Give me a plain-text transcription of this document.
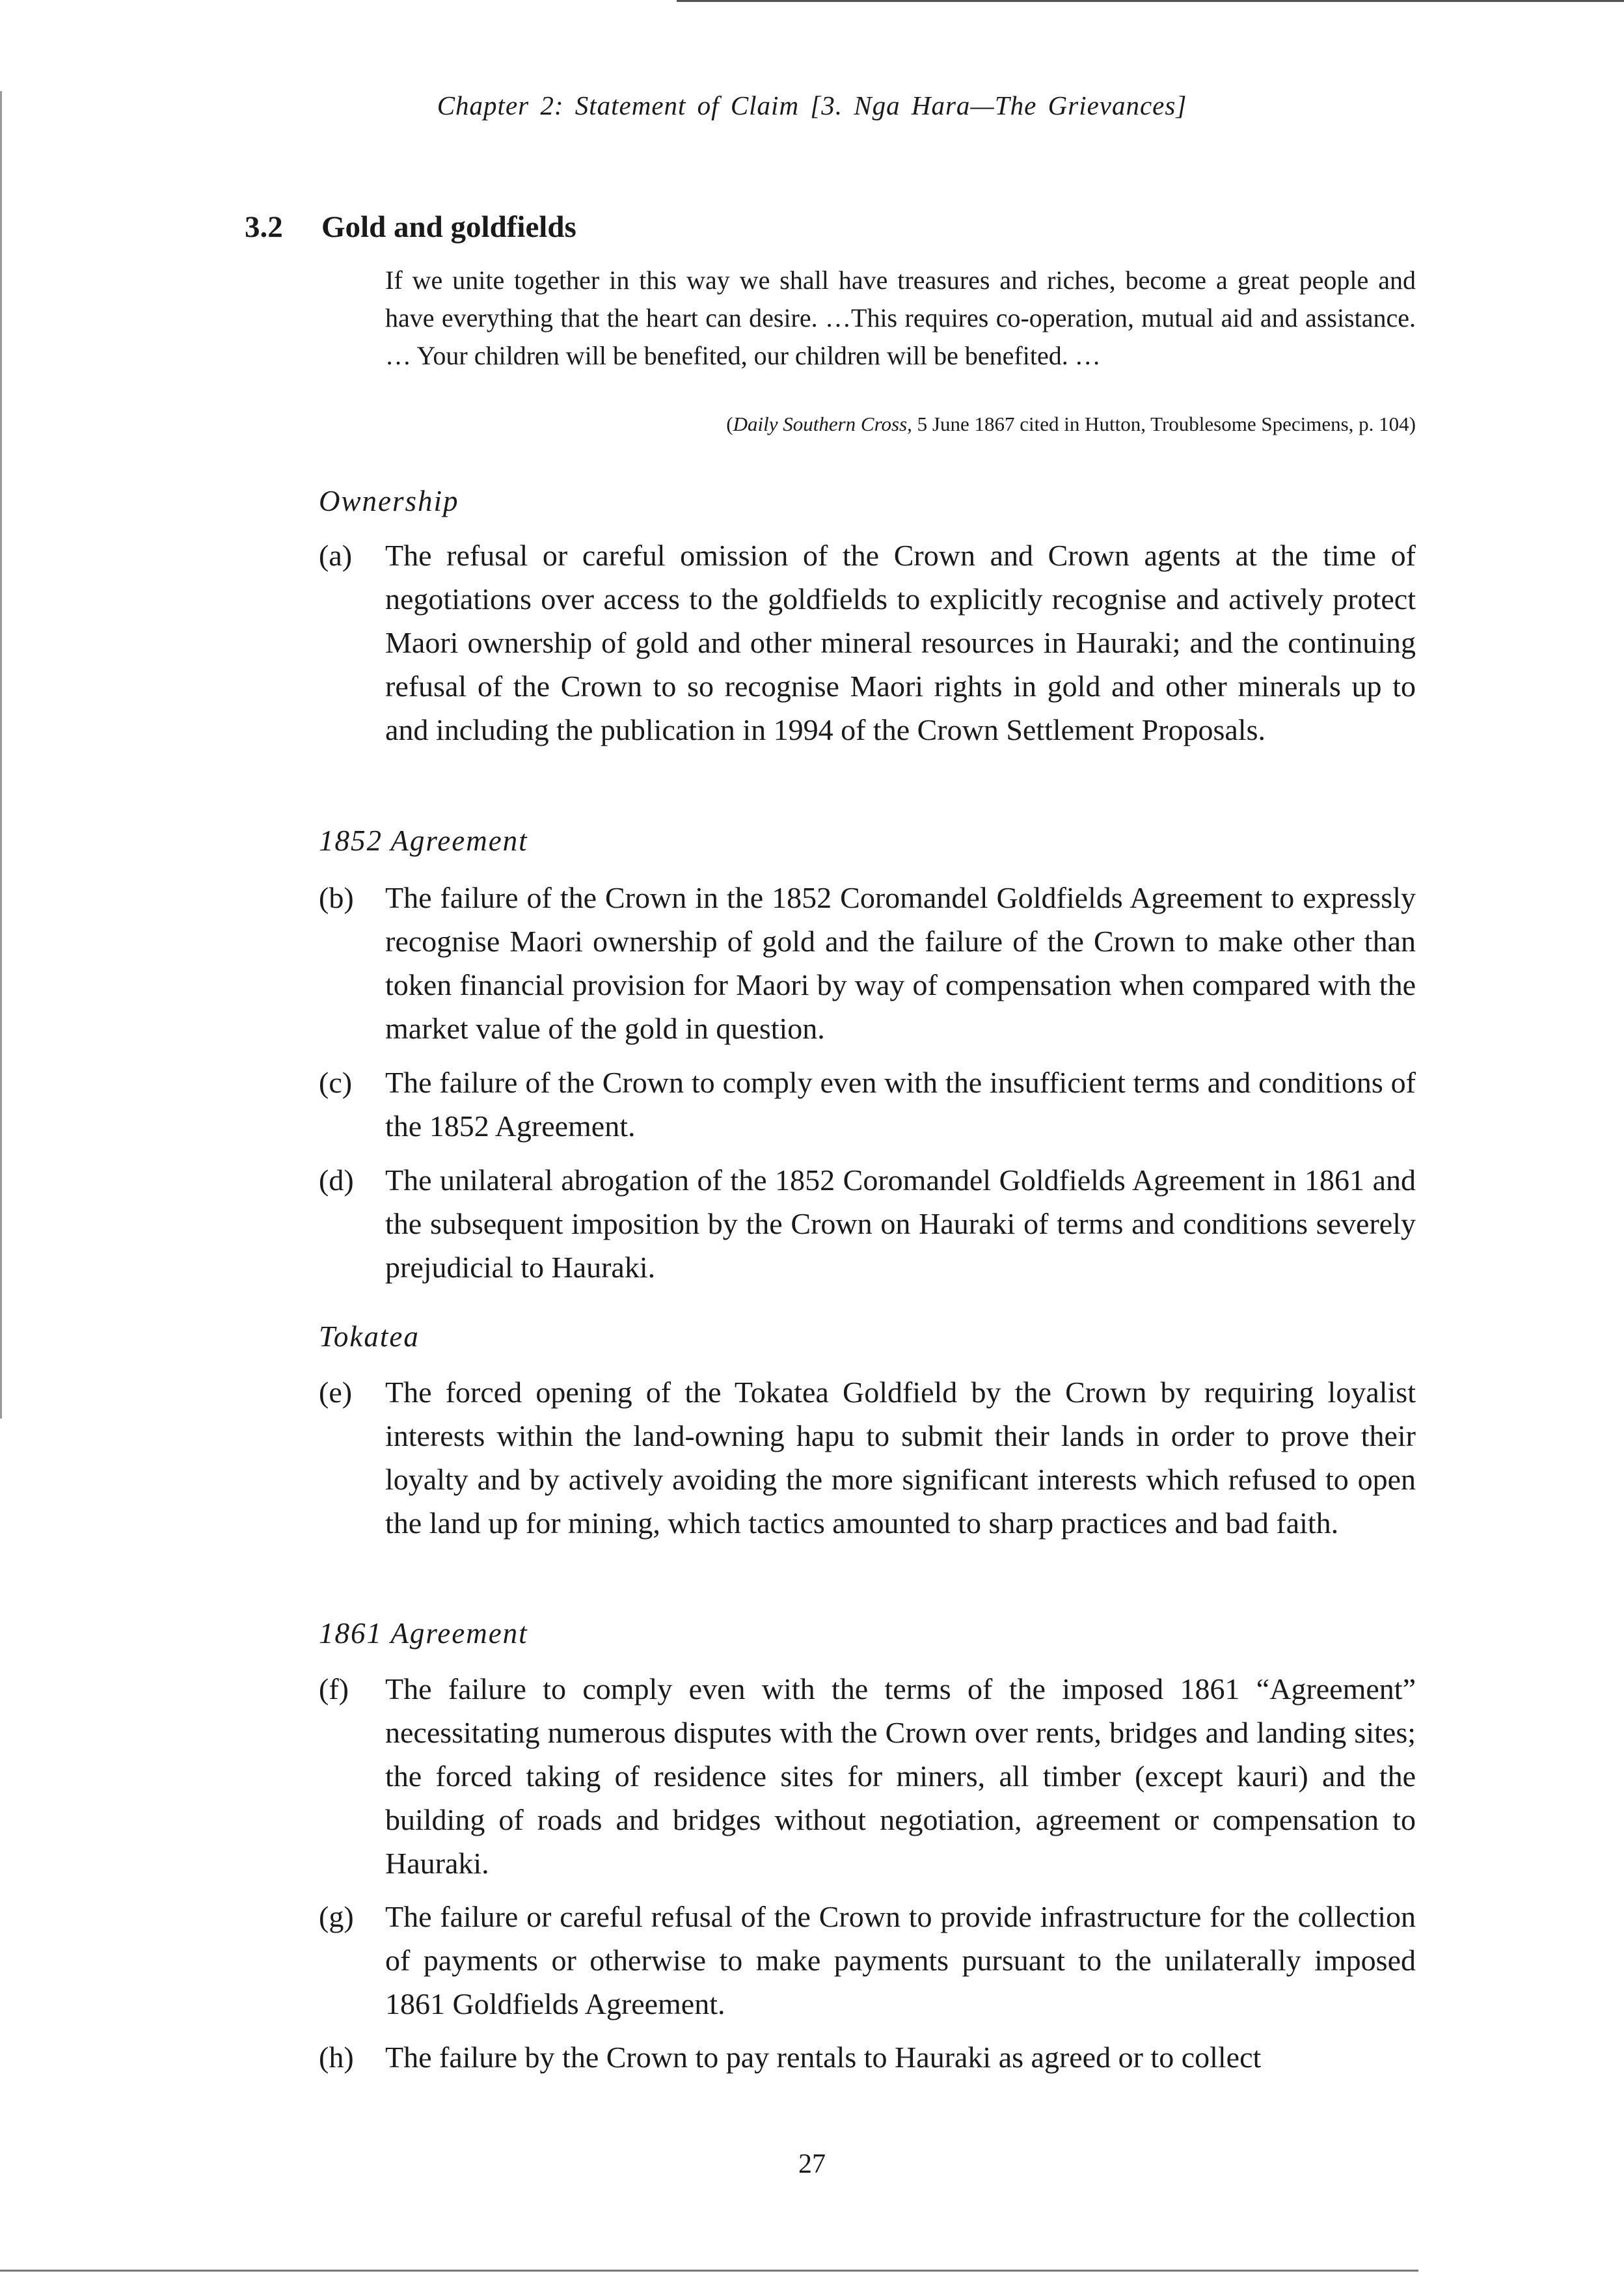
Chapter 2: Statement of Claim [3. Nga Hara—The Grievances]
3.2 Gold and goldfields
If we unite together in this way we shall have treasures and riches, become a great people and have everything that the heart can desire. …This requires co-operation, mutual aid and assistance. … Your children will be benefited, our children will be benefited. …
(Daily Southern Cross, 5 June 1867 cited in Hutton, Troublesome Specimens, p. 104)
Ownership
(a)	The refusal or careful omission of the Crown and Crown agents at the time of negotiations over access to the goldfields to explicitly recognise and actively protect Maori ownership of gold and other mineral resources in Hauraki; and the continuing refusal of the Crown to so recognise Maori rights in gold and other minerals up to and including the publication in 1994 of the Crown Settlement Proposals.
1852 Agreement
(b)	The failure of the Crown in the 1852 Coromandel Goldfields Agreement to expressly recognise Maori ownership of gold and the failure of the Crown to make other than token financial provision for Maori by way of compensation when compared with the market value of the gold in question.
(c)	The failure of the Crown to comply even with the insufficient terms and conditions of the 1852 Agreement.
(d)	The unilateral abrogation of the 1852 Coromandel Goldfields Agreement in 1861 and the subsequent imposition by the Crown on Hauraki of terms and conditions severely prejudicial to Hauraki.
Tokatea
(e)	The forced opening of the Tokatea Goldfield by the Crown by requiring loyalist interests within the land-owning hapu to submit their lands in order to prove their loyalty and by actively avoiding the more significant interests which refused to open the land up for mining, which tactics amounted to sharp practices and bad faith.
1861 Agreement
(f)	The failure to comply even with the terms of the imposed 1861 “Agreement” necessitating numerous disputes with the Crown over rents, bridges and landing sites; the forced taking of residence sites for miners, all timber (except kauri) and the building of roads and bridges without negotiation, agreement or compensation to Hauraki.
(g)	The failure or careful refusal of the Crown to provide infrastructure for the collection of payments or otherwise to make payments pursuant to the unilaterally imposed 1861 Goldfields Agreement.
(h)	The failure by the Crown to pay rentals to Hauraki as agreed or to collect
27
